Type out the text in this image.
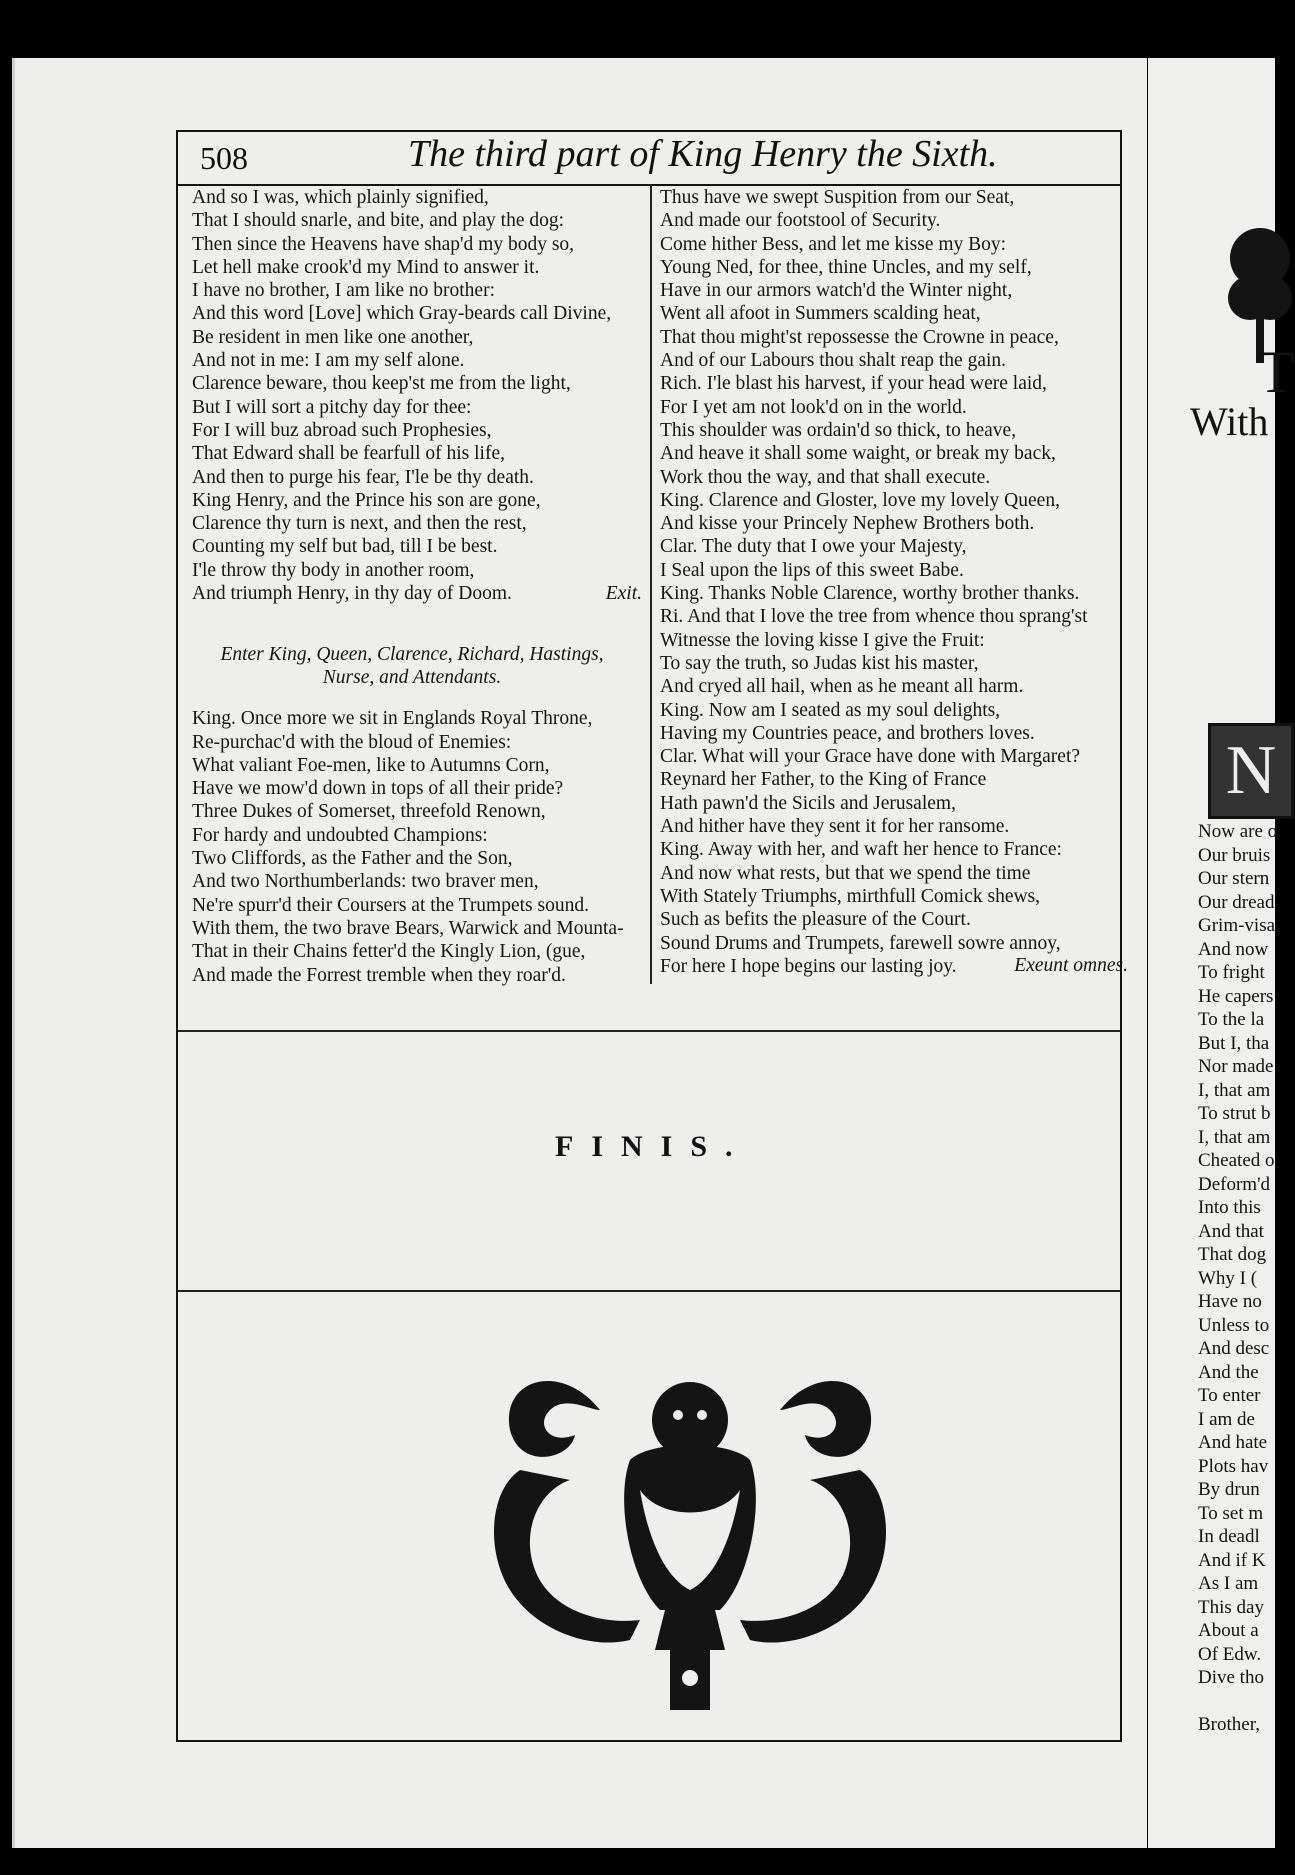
508	The third part of King Henry the Sixth.
And so I was, which plainly signified,
That I should snarle, and bite, and play the dog:
Then since the Heavens have shap'd my body so,
Let hell make crook'd my Mind to answer it.
I have no brother, I am like no brother:
And this word [Love] which Gray-beards call Divine,
Be resident in men like one another,
And not in me: I am my self alone.
Clarence beware, thou keep'st me from the light,
But I will sort a pitchy day for thee:
For I will buz abroad such Prophesies,
That Edward shall be fearfull of his life,
And then to purge his fear, I'le be thy death.
King Henry, and the Prince his son are gone,
Clarence thy turn is next, and then the rest,
Counting my self but bad, till I be best.
I'le throw thy body in another room,
And triumph Henry, in thy day of Doom.	Exit.
Enter King, Queen, Clarence, Richard, Hastings,
Nurse, and Attendants.
King. Once more we sit in Englands Royal Throne,
Re-purchac'd with the bloud of Enemies:
What valiant Foe-men, like to Autumns Corn,
Have we mow'd down in tops of all their pride?
Three Dukes of Somerset, threefold Renown,
For hardy and undoubted Champions:
Two Cliffords, as the Father and the Son,
And two Northumberlands: two braver men,
Ne're spurr'd their Coursers at the Trumpets sound.
With them, the two brave Bears, Warwick and Mounta-
That in their Chains fetter'd the Kingly Lion, (gue,
And made the Forrest tremble when they roar'd.
Thus have we swept Suspition from our Seat,
And made our footstool of Security.
Come hither Bess, and let me kisse my Boy:
Young Ned, for thee, thine Uncles, and my self,
Have in our armors watch'd the Winter night,
Went all afoot in Summers scalding heat,
That thou might'st repossesse the Crowne in peace,
And of our Labours thou shalt reap the gain.
Rich. I'le blast his harvest, if your head were laid,
For I yet am not look'd on in the world.
This shoulder was ordain'd so thick, to heave,
And heave it shall some waight, or break my back,
Work thou the way, and that shall execute.
King. Clarence and Gloster, love my lovely Queen,
And kisse your Princely Nephew Brothers both.
Clar. The duty that I owe your Majesty,
I Seal upon the lips of this sweet Babe.
King. Thanks Noble Clarence, worthy brother thanks.
Ri. And that I love the tree from whence thou sprang'st
Witnesse the loving kisse I give the Fruit:
To say the truth, so Judas kist his master,
And cryed all hail, when as he meant all harm.
King. Now am I seated as my soul delights,
Having my Countries peace, and brothers loves.
Clar. What will your Grace have done with Margaret?
Reynard her Father, to the King of France
Hath pawn'd the Sicils and Jerusalem,
And hither have they sent it for her ransome.
King. Away with her, and waft her hence to France:
And now what rests, but that we spend the time
With Stately Triumphs, mirthfull Comick shews,
Such as befits the pleasure of the Court.
Sound Drums and Trumpets, farewell sowre annoy,
For here I hope begins our lasting joy.	Exeunt omnes.
FINIS.
T
With
N
Now are o
Our bruis
Our stern
Our dread
Grim-visa
And now
To fright
He capers
To the la
But I, tha
Nor made
I, that am
To strut b
I, that am
Cheated o
Deform'd
Into this
And that
That dog
Why I (
Have no
Unless to
And desc
And the
To enter
I am de
And hate
Plots hav
By drun
To set m
In deadl
And if K
As I am
This day
About a
Of Edw.
Dive tho
Brother,
